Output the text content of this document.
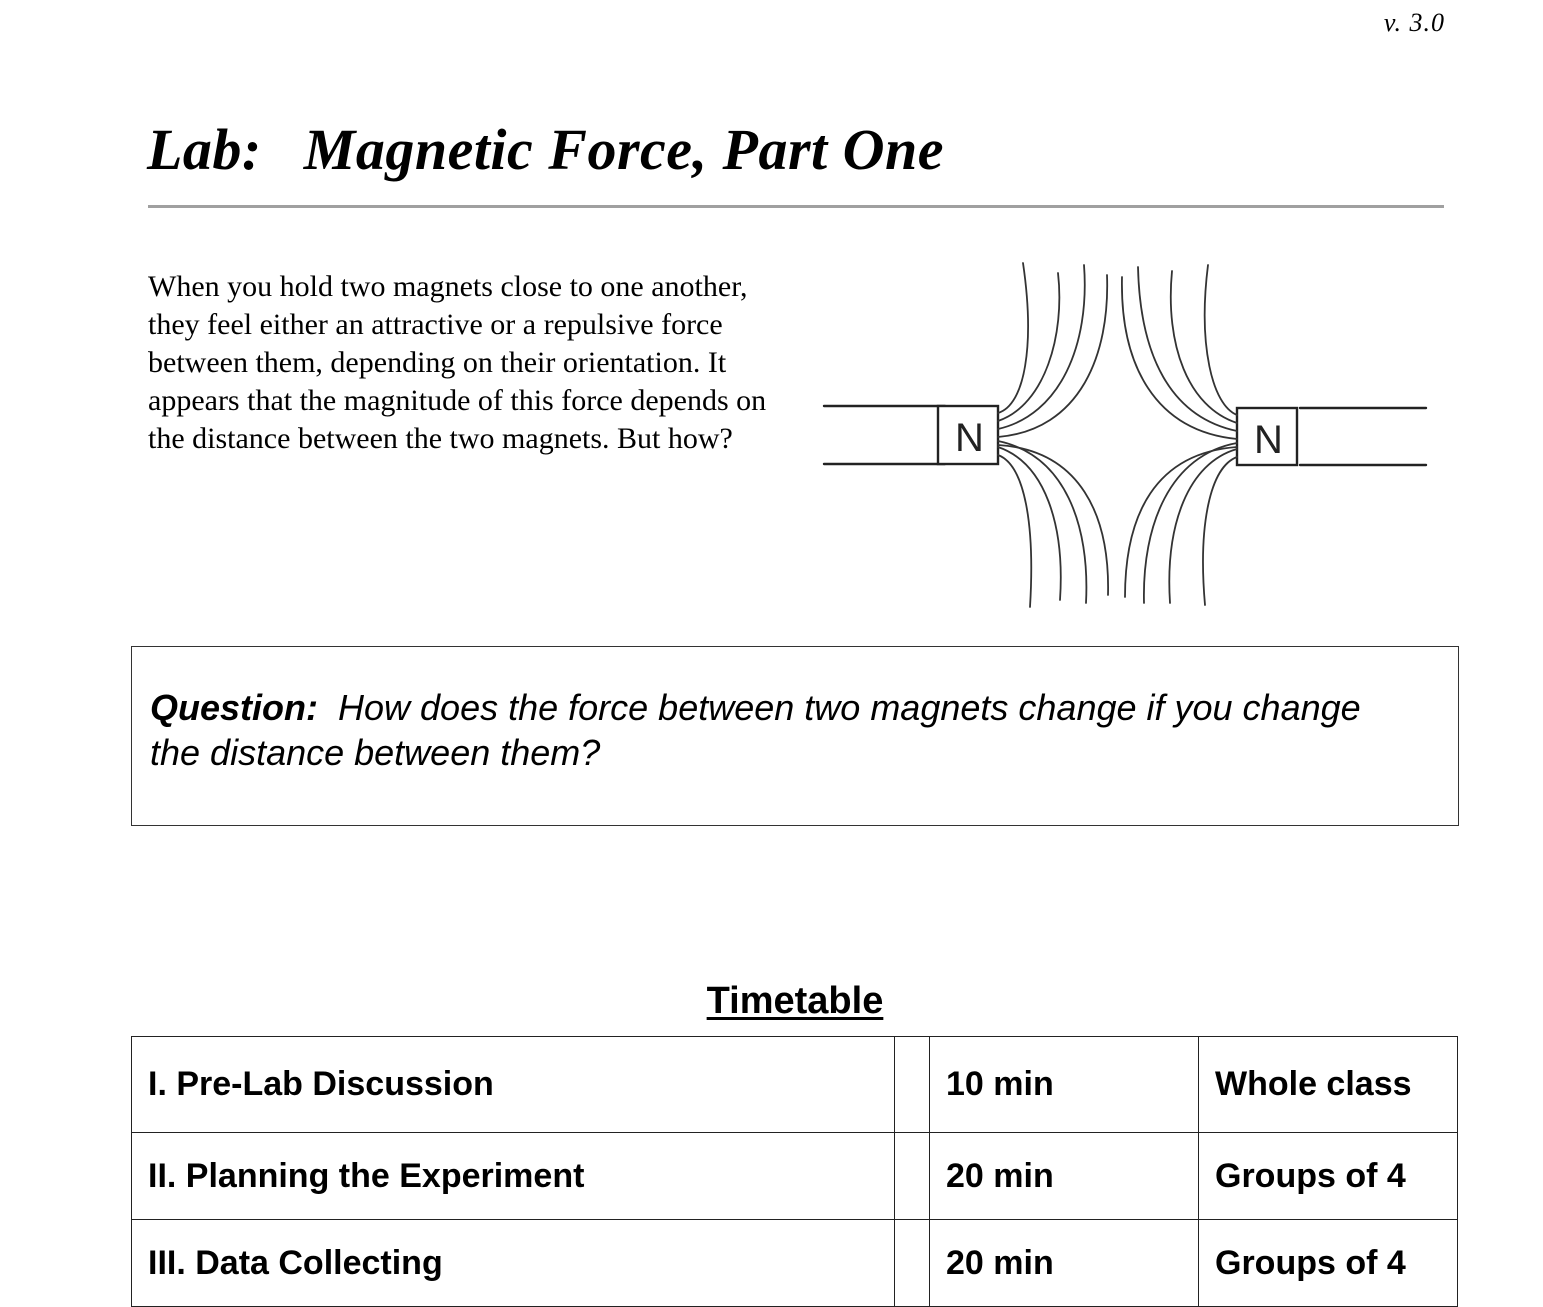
v. 3.0
Lab: Magnetic Force, Part One

When you hold two magnets close to one another, they feel either an attractive or a repulsive force between them, depending on their orientation. It appears that the magnitude of this force depends on the distance between the two magnets. But how?	N	N

Question: How does the force between two magnets change if you change the distance between them?

Timetable
I. Pre-Lab Discussion		10 min	Whole class
II. Planning the Experiment		20 min	Groups of 4
III. Data Collecting		20 min	Groups of 4
